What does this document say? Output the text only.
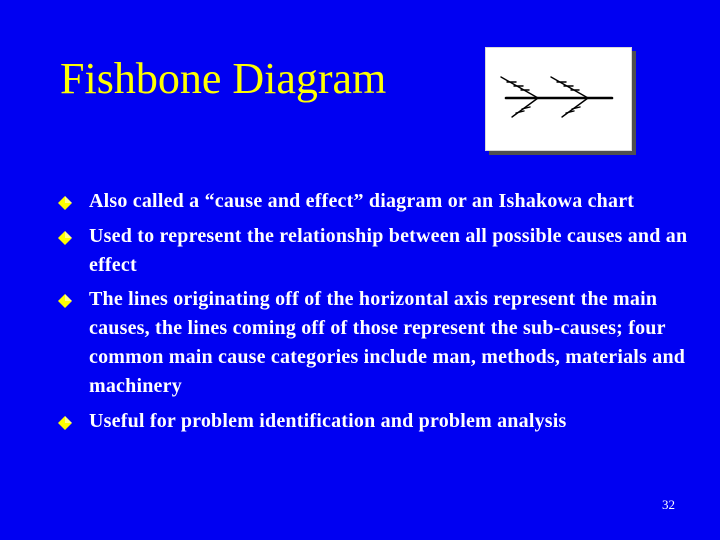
Fishbone Diagram
Also called a “cause and effect” diagram or an Ishakowa chart
Used to represent the relationship between all possible causes and an effect
The lines originating off of the horizontal axis represent the main causes, the lines coming off of those represent the sub-causes; four common main cause categories include man, methods, materials and machinery
Useful for problem identification and problem analysis
32
